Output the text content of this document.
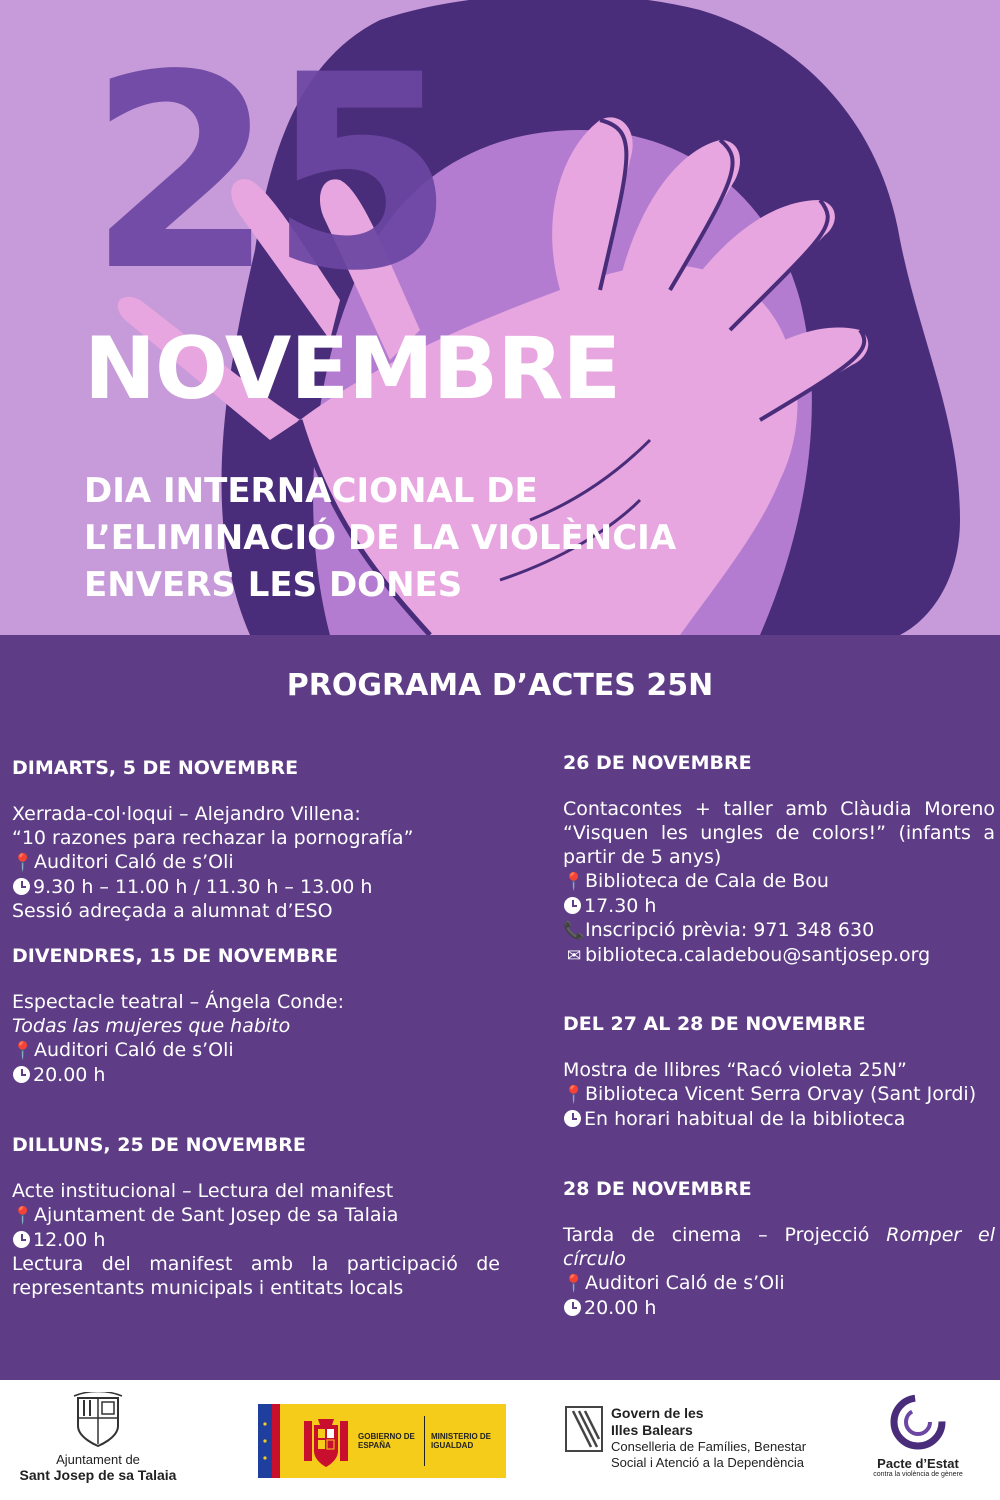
25
NOVEMBRE
DIA INTERNACIONAL DE
L’ELIMINACIÓ DE LA VIOLÈNCIA
ENVERS LES DONES
PROGRAMA D’ACTES 25N
DIMARTS, 5 DE NOVEMBRE
Xerrada-col·loqui – Alejandro Villena:
“10 razones para rechazar la pornografía”
📍Auditori Caló de s’Oli
9.30 h – 11.00 h / 11.30 h – 13.00 h
Sessió adreçada a alumnat d’ESO
DIVENDRES, 15 DE NOVEMBRE
Espectacle teatral – Ángela Conde:
Todas las mujeres que habito
📍Auditori Caló de s’Oli
20.00 h
DILLUNS, 25 DE NOVEMBRE
Acte institucional – Lectura del manifest
📍Ajuntament de Sant Josep de sa Talaia
12.00 h
Lectura del manifest amb la participació de representants municipals i entitats locals
26 DE NOVEMBRE
Contacontes + taller amb Clàudia Moreno “Visquen les ungles de colors!” (infants a partir de 5 anys)
📍Biblioteca de Cala de Bou
17.30 h
📞Inscripció prèvia: 971 348 630
✉ biblioteca.caladebou@santjosep.org
DEL 27 AL 28 DE NOVEMBRE
Mostra de llibres “Racó violeta 25N”
📍Biblioteca Vicent Serra Orvay (Sant Jordi)
En horari habitual de la biblioteca
28 DE NOVEMBRE
Tarda de cinema – Projecció Romper el círculo
📍Auditori Caló de s’Oli
20.00 h
Ajuntament de
Sant Josep de sa Talaia
GOBIERNO DE ESPAÑA
MINISTERIO DE IGUALDAD
Govern de les
Illes Balears
Conselleria de Famílies, Benestar
Social i Atenció a la Dependència	Pacte d’Estat
contra la violència de gènere
